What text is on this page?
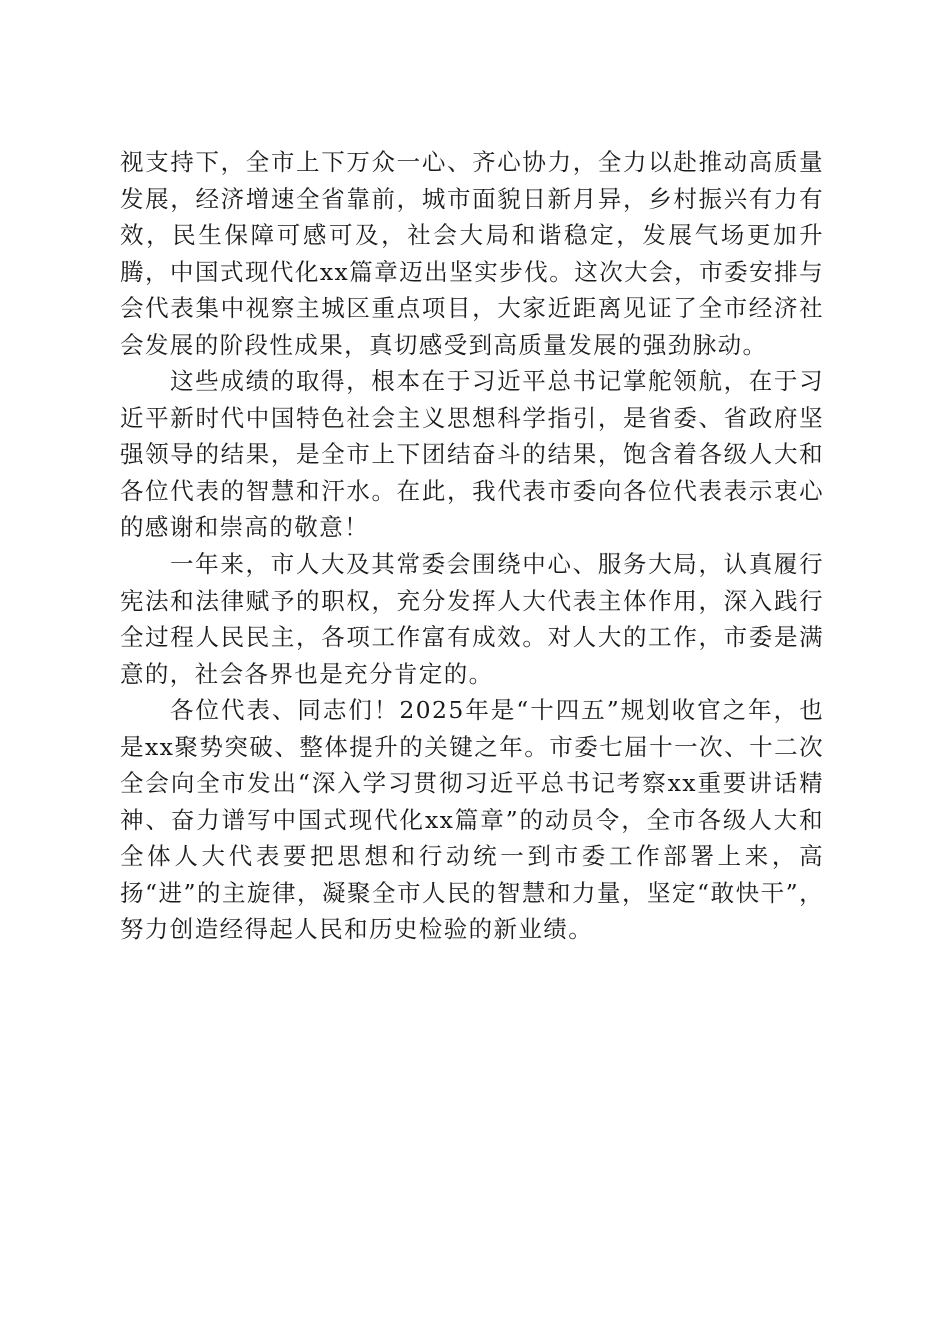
视支持下，全市上下万众一心、齐心协力，全力以赴推动高质量发展，经济增速全省靠前，城市面貌日新月异，乡村振兴有力有效，民生保障可感可及，社会大局和谐稳定，发展气场更加升腾，中国式现代化xx篇章迈出坚实步伐。这次大会，市委安排与会代表集中视察主城区重点项目，大家近距离见证了全市经济社会发展的阶段性成果，真切感受到高质量发展的强劲脉动。

这些成绩的取得，根本在于习近平总书记掌舵领航，在于习近平新时代中国特色社会主义思想科学指引，是省委、省政府坚强领导的结果，是全市上下团结奋斗的结果，饱含着各级人大和各位代表的智慧和汗水。在此，我代表市委向各位代表表示衷心的感谢和崇高的敬意！

一年来，市人大及其常委会围绕中心、服务大局，认真履行宪法和法律赋予的职权，充分发挥人大代表主体作用，深入践行全过程人民民主，各项工作富有成效。对人大的工作，市委是满意的，社会各界也是充分肯定的。

各位代表、同志们！2025年是“十四五”规划收官之年，也是xx聚势突破、整体提升的关键之年。市委七届十一次、十二次全会向全市发出“深入学习贯彻习近平总书记考察xx重要讲话精神、奋力谱写中国式现代化xx篇章”的动员令，全市各级人大和全体人大代表要把思想和行动统一到市委工作部署上来，高扬“进”的主旋律，凝聚全市人民的智慧和力量，坚定“敢快干”，努力创造经得起人民和历史检验的新业绩。
